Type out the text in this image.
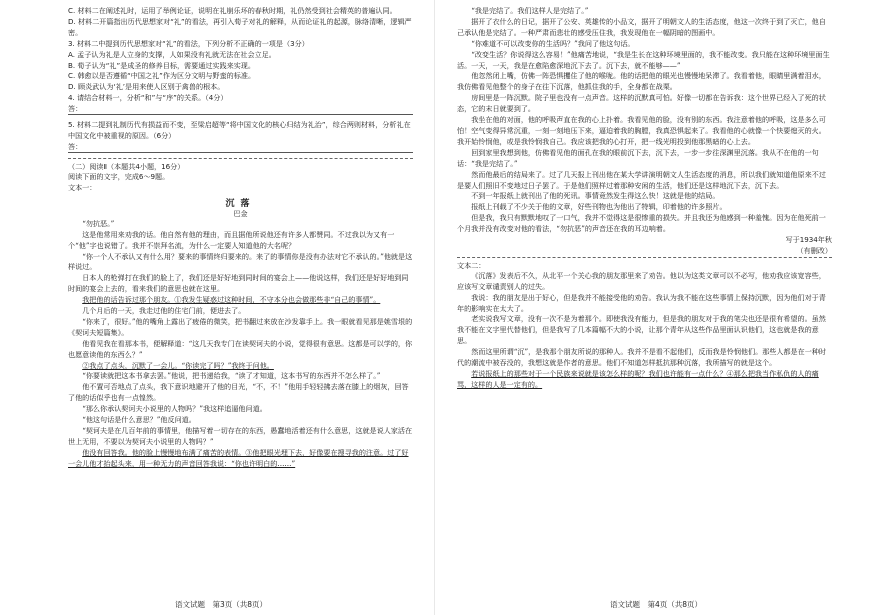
C. 材料二在阐述礼时，运用了举例论证，说明在礼崩乐坏的春秋时期，礼仍然受到社会精英的普遍认同。

D. 材料二开篇指出历代思想家对“礼”的看法，再引入荀子对礼的解释，从而论证礼的起源，脉络清晰，逻辑严密。

3. 材料二中提到历代思想家对“礼”的看法，下列分析不正确的一项是（3分）

A. 孟子认为礼是人立身的支撑，人如果没有礼就无法在社会立足。

B. 荀子认为“礼”是成圣的修养目标，需要通过实践来实现。

C. 韩愈以是否遵循“中国之礼”作为区分文明与野蛮的标准。

D. 顾炎武认为‘礼’是用来使人区别于禽兽的根本。

4. 请结合材料一，分析“和”与“序”的关系。（4分）

答：

5. 材料二提到礼制历代有损益而不变，至梁启超等“将中国文化的核心归结为礼治”，综合两则材料，分析礼在中国文化中被重视的原因。（6分）

答：
（二）阅读Ⅱ（本题共4小题，16分）

阅读下面的文字，完成6～9题。

文本一：

沉落

巴金

“勿抗恶。”

这是他常用来劝我的话。他自然有他的理由，而且据他所说他还有许多人都赞同。不过我以为又有一个“他”字也说错了。我并不崇拜名流，为什么一定要人知道他的大名呢？

“你一个人不承认又有什么用？要来的事情终归要来的。来了的事情你是没有办法对它不承认的。”他就是这样说过。

日本人的枪弹打在我们的脸上了，我们还是好好地到同时间的宴会上——他说这样，我们还是好好地到同时间的宴会上去的，看来我们的意思也就在这里。

我把他的话告诉过那个朋友。①我发生疑惑过这种时间，不守本分也会做那些非“自己的事情”。

几个月后的一天，我走过他的住宅门前，便进去了。

“你来了，很好。”他的嘴角上露出了疲倦的微笑，把书翻过来放在沙发靠手上。我一眼就看见那是姚雪垠的《契诃夫短篇集》。

他看见我在看那本书，便解释道：“这几天我专门在读契诃夫的小说，觉得很有意思。这都是可以学的，你也愿意读他的东西么？”

②我点了点头，沉默了一会儿。“你读完了吗？”我终于问他。

“你要读就把这本书拿去罢。”他说，把书递给我，“读了才知道，这本书写的东西并不怎么样了。”

他不置可否地点了点头，我下意识地避开了他的目光，“不，不！”他用手轻轻拂去落在膝上的烟灰，回答了他的话似乎也有一点惶然。

“那么你承认契诃夫小说里的人物吗？”我这样追逼他问道。

“他这句话是什么意思？”他反问道。

“契诃夫是在几百年前的事情里，他描写着一切存在的东西，愚蠢地活着还有什么意思，这就是说人家活在世上无用，不要以为契诃夫小说里的人物吗？”

他没有回答我。他的脸上慢慢地布满了痛苦的表情。③他把眼光埋下去，好像要在搜寻我的注意。过了好一会儿他才抬起头来，用一种无力的声音回答我说：“你也许明白的……”

语文试题　第3页（共8页）

“我是完结了。我们这样人是完结了。”

据开了衣什么的日记，据开了公安、英雄传的小品文，据开了明朝文人的生活态度，他这一次终于到了灭亡，他自己承认他是完结了。一种严肃而悲壮的感受压住我，我发现他在一幅阴暗的图画中。

“你难道不可以改变你的生活吗？”我问了他这句话。

“改变生活？你说得这么容易！”他痛苦地说，“我是生长在这种环境里面的，我不能改变。我只能在这种环境里面生活。一天，一天，我是在愈陷愈深地沉下去了。沉下去，就不能够——”

他忽然闭上嘴，仿佛一阵恐惧攫住了他的喉咙。他的话把他的眼光也慢慢地呆滞了。我看着他，眼睛里满着泪水，我仿佛看见他整个的身子在往下沉落，他抓住我的手，全身都在战栗。

房间里是一阵沉默。院子里也没有一点声音。这样的沉默真可怕。好像一切都在告诉我：这个世界已经入了死的状态，它的末日就要到了。

我坐在他的对面，他的呼吸声直在我的心上扑着。我看见他的脸，没有别的东西。我注意着他的呼吸，这是多么可怕！空气变得异常沉重，一刻一刻地压下来，逼迫着我的胸膛，我真恐惧起来了。我看他的心就像一个快要熄灭的火。我开始怜悯他，或是我怜悯我自己。我应该把我的心打开，把一线光明投到他那黑暗的心上去。

回到家里我想到他，仿佛看见他的面孔在我的眼前沉下去，沉下去，一步一步往深渊里沉落。我从不在他的一句话：“我是完结了。”

然而他最后的结局来了。过了几天报上刊出他在某大学讲演明朝文人生活态度的消息，所以我们就知道他原来不过是要人们照旧不变地过日子罢了。于是他们照样过着那种安闲的生活，他们还是这样地沉下去，沉下去。

不到一年报纸上就刊出了他的死讯。事情竟然发生得这么快！这就是他的结局。

报纸上刊载了不少关于他的文章，好些刊物也为他出了特辑，印着他的许多照片。

但是我，我只有默默地叹了一口气，我并不觉得这是很惨重的损失。并且我还为他感到一种羞愧。因为在他死前一个月我并没有改变对他的看法，“勿抗恶”的声音还在我的耳边响着。

写于1934年秋

（有删改）

文本二：

《沉落》发表后不久，从北平一个关心我的朋友那里来了劝告。他以为这类文章可以不必写，他劝我应该宽容些，应该写文章谴责别人的过失。

我说：我的朋友是出于好心，但是我并不能接受他的劝告。我认为我不能在这些事情上保持沉默，因为他们对于青年的影响实在太大了。

老实说我写文章，没有一次不是为着那个。即使我没有能力，但是我的朋友对于我的笔尖也还是很有希望的。虽然我不能在文字里代替他们，但是我写了几本篇幅不大的小说，让那个青年从这些作品里面认识他们，这也就是我的意思。

然而这里所谓“沉”，是我那个朋友所说的那种人。我并不是看不起他们，反而我是怜悯他们。那些人都是在一种时代的潮流中被吞没的，我想这就是作者的意思。他们不知道怎样抵抗那种沉落，我所描写的就是这个。

若说报纸上的那些对于一个民族来说就是该怎么样的呢？我们也许能有一点什么？④那么把我当作私仇的人的痛骂，这样的人是一定有的。

语文试题　第4页（共8页）
